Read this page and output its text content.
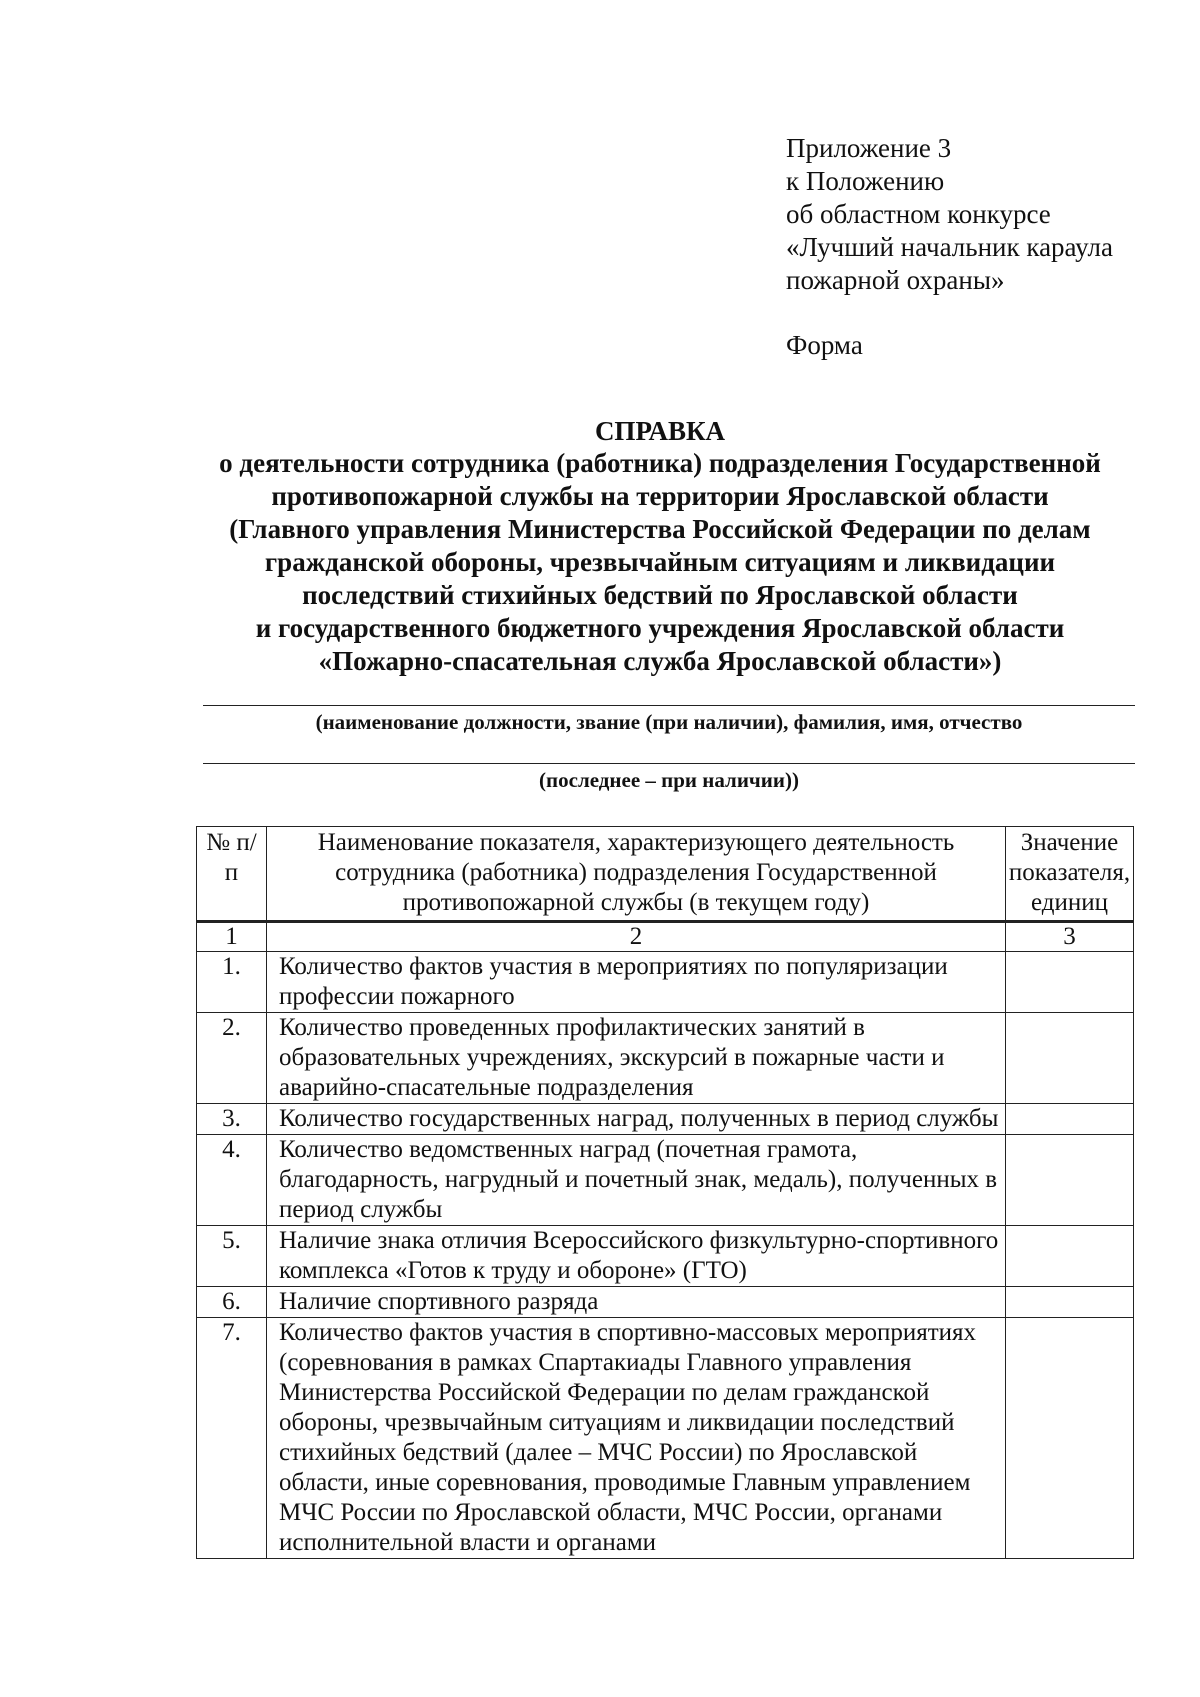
Приложение 3
к Положению
об областном конкурсе
«Лучший начальник караула
пожарной охраны»
Форма
СПРАВКА
о деятельности сотрудника (работника) подразделения Государственной
противопожарной службы на территории Ярославской области
(Главного управления Министерства Российской Федерации по делам
гражданской обороны, чрезвычайным ситуациям и ликвидации
последствий стихийных бедствий по Ярославской области
и государственного бюджетного учреждения Ярославской области
«Пожарно-спасательная служба Ярославской области»)
(наименование должности, звание (при наличии), фамилия, имя, отчество
(последнее – при наличии))
№ п/п	Наименование показателя, характеризующего деятельность сотрудника (работника) подразделения Государственной противопожарной службы (в текущем году)	Значение показателя, единиц
1	2	3
1.	Количество фактов участия в мероприятиях по популяризации профессии пожарного	
2.	Количество проведенных профилактических занятий в образовательных учреждениях, экскурсий в пожарные части и аварийно-спасательные подразделения	
3.	Количество государственных наград, полученных в период службы	
4.	Количество ведомственных наград (почетная грамота, благодарность, нагрудный и почетный знак, медаль), полученных в период службы	
5.	Наличие знака отличия Всероссийского физкультурно-спортивного комплекса «Готов к труду и обороне» (ГТО)	
6.	Наличие спортивного разряда	
7.	Количество фактов участия в спортивно-массовых мероприятиях (соревнования в рамках Спартакиады Главного управления Министерства Российской Федерации по делам гражданской обороны, чрезвычайным ситуациям и ликвидации последствий стихийных бедствий (далее – МЧС России) по Ярославской области, иные соревнования, проводимые Главным управлением МЧС России по Ярославской области, МЧС России, органами исполнительной власти и органами	
